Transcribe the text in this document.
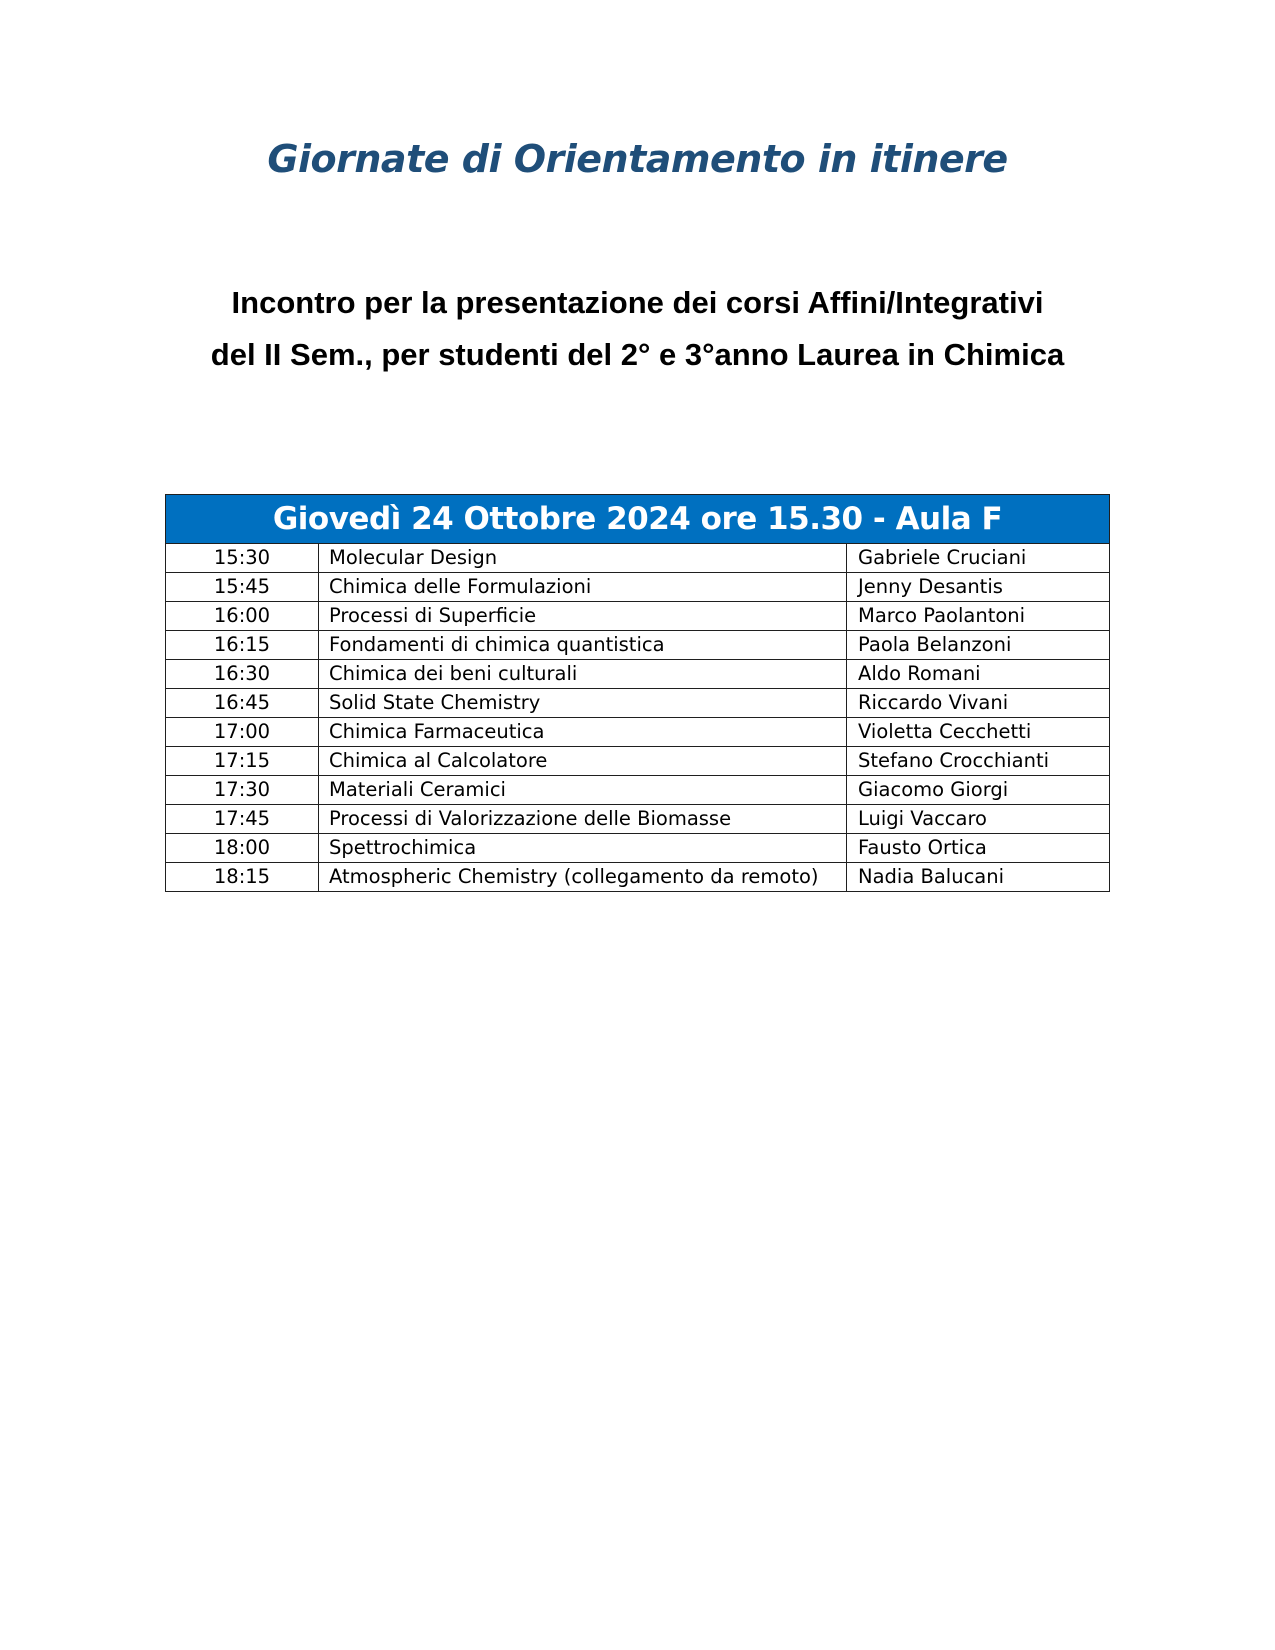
Giornate di Orientamento in itinere
Incontro per la presentazione dei corsi Affini/Integrativi
del II Sem., per studenti del 2° e 3°anno Laurea in Chimica
Giovedì 24 Ottobre 2024 ore 15.30 - Aula F		
15:30	Molecular Design	Gabriele Cruciani
15:45	Chimica delle Formulazioni	Jenny Desantis
16:00	Processi di Superficie	Marco Paolantoni
16:15	Fondamenti di chimica quantistica	Paola Belanzoni
16:30	Chimica dei beni culturali	Aldo Romani
16:45	Solid State Chemistry	Riccardo Vivani
17:00	Chimica Farmaceutica	Violetta Cecchetti
17:15	Chimica al Calcolatore	Stefano Crocchianti
17:30	Materiali Ceramici	Giacomo Giorgi
17:45	Processi di Valorizzazione delle Biomasse	Luigi Vaccaro
18:00	Spettrochimica	Fausto Ortica
18:15	Atmospheric Chemistry (collegamento da remoto)	Nadia Balucani
